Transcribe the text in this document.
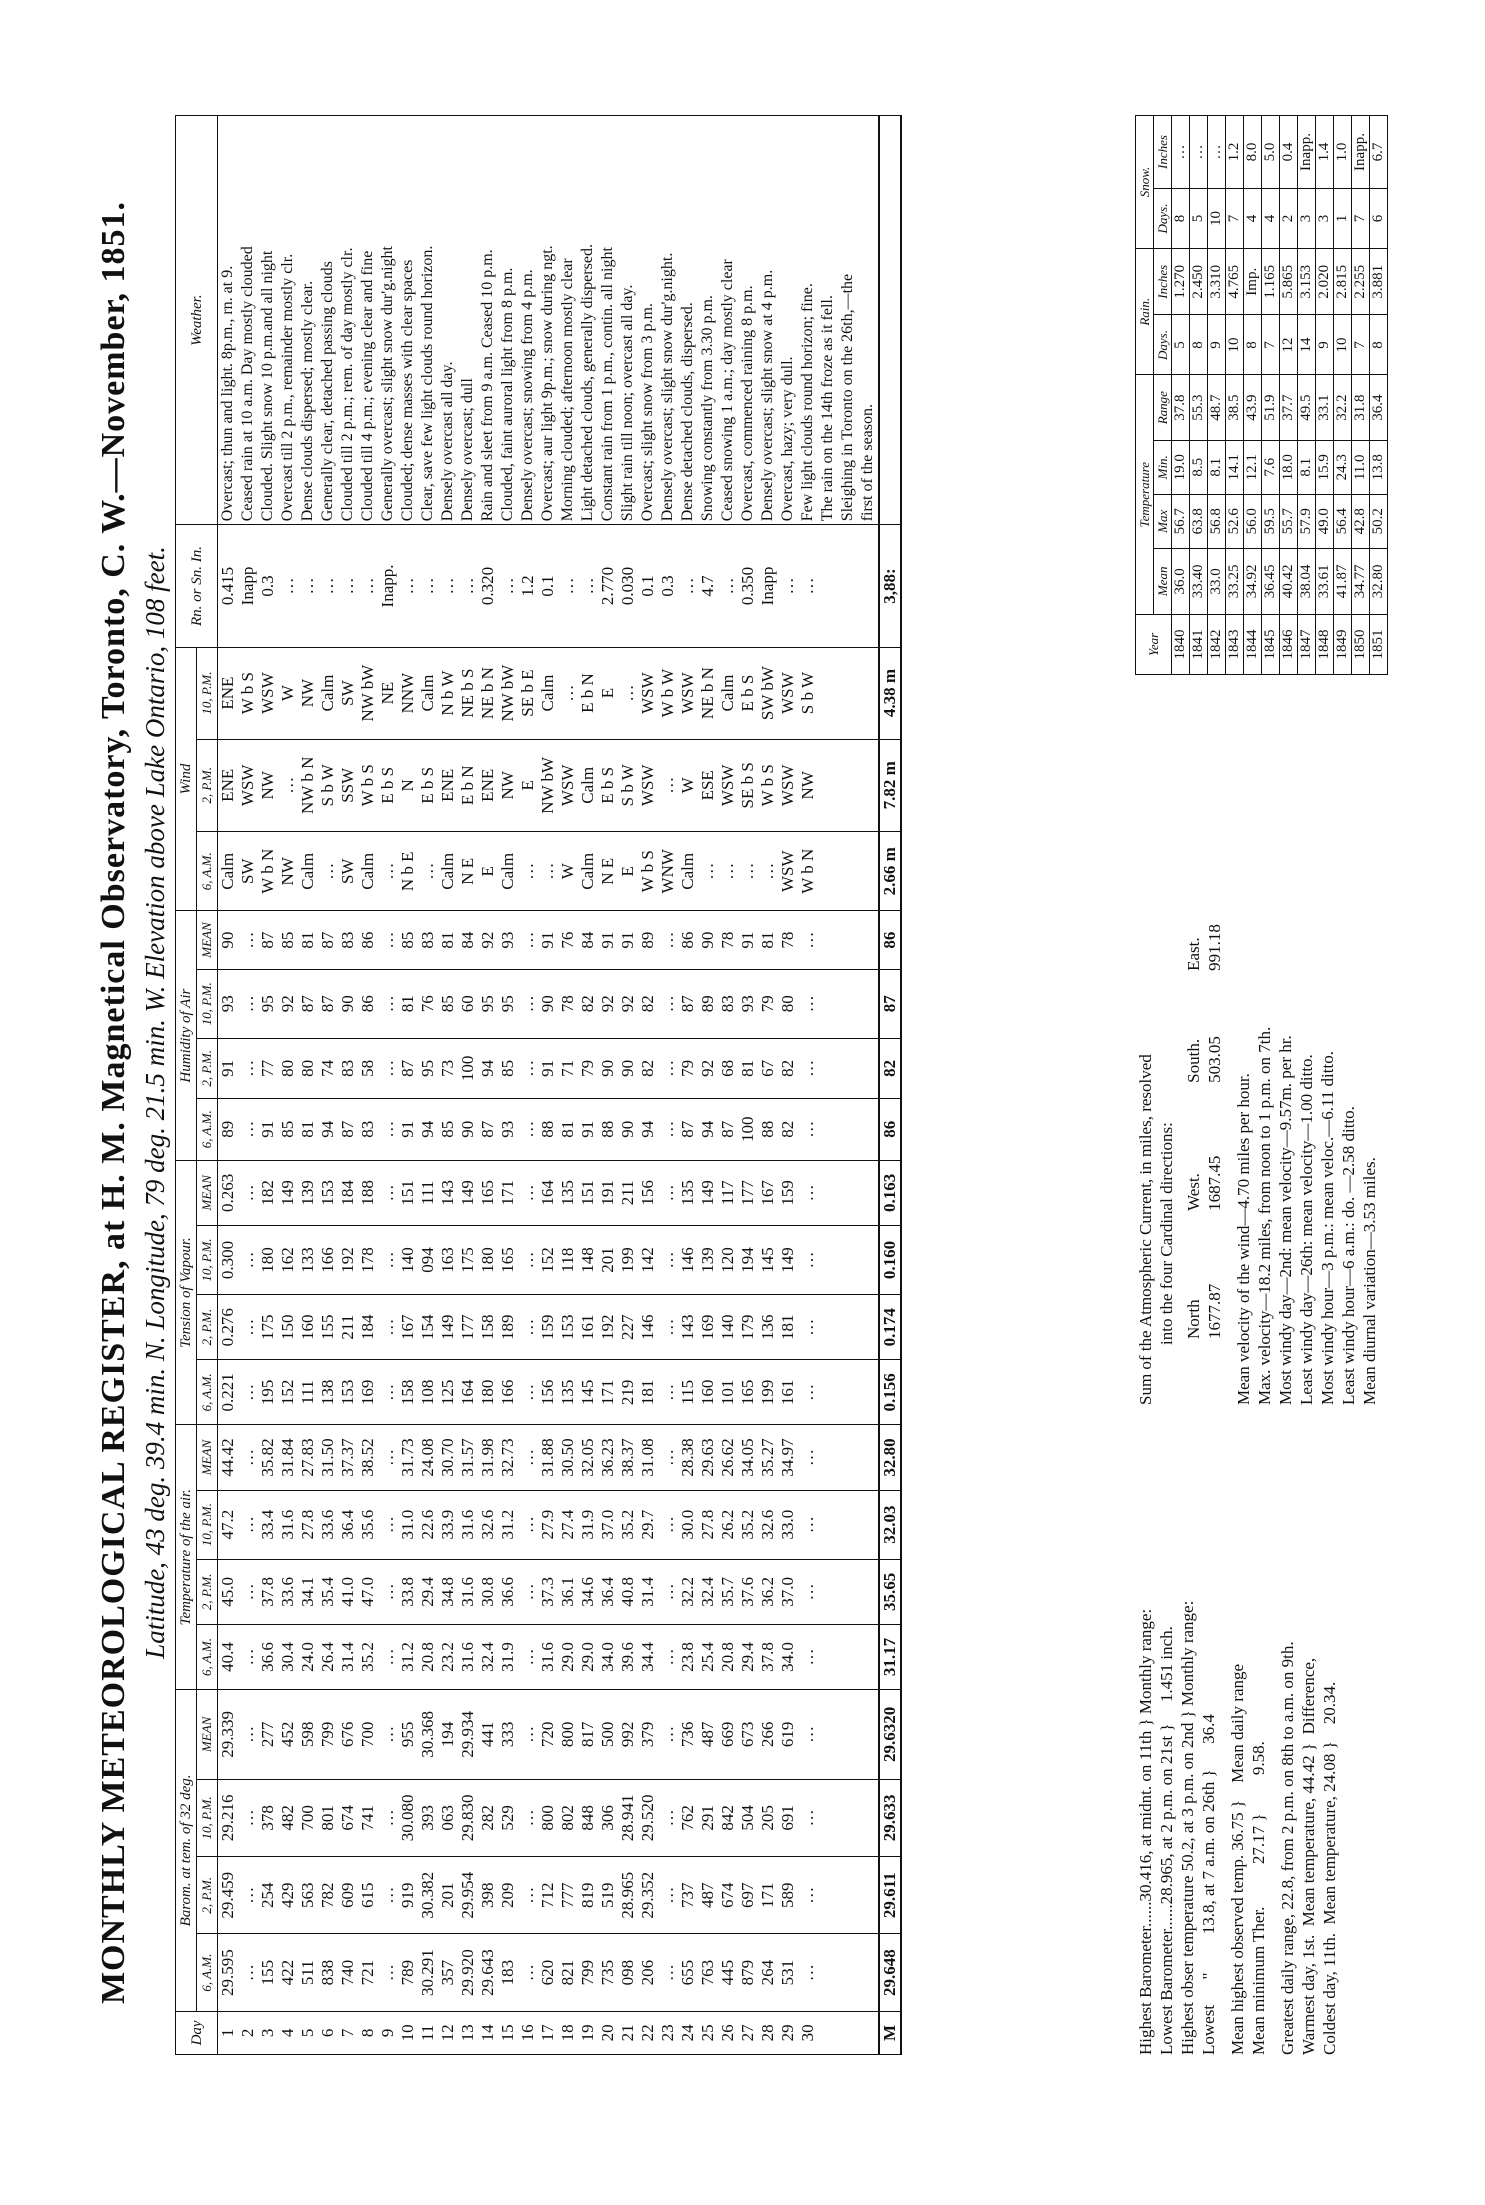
MONTHLY METEOROLOGICAL REGISTER, at H. M. Magnetical Observatory, Toronto, C. W.—November, 1851. Latitude, 43 deg. 39.4 min. N. Longitude, 79 deg. 21.5 min. W. Elevation above Lake Ontario, 108 feet.
Day	Barom. at tem. of 32 deg.				Temperature of the air.				Tension of Vapour.				Humidity of Air				Wind			Rn. or Sn. In.	Weather.
	6, A.M.	2, P.M.	10, P.M.	MEAN	6, A.M.	2, P.M.	10, P.M.	MEAN	6, A.M.	2, P.M.	10, P.M.	MEAN	6, A.M.	2, P.M.	10, P.M.	MEAN	6, A.M.	2, P.M.	10, P.M.		
1	29.595	29.459	29.216	29.339	40.4	45.0	47.2	44.42	0.221	0.276	0.300	0.263	89	91	93	90	Calm	ENE	ENE	0.415	Overcast; thun and light. 8p.m., rn. at 9.
2	…	…	…	…	…	…	…	…	…	…	…	…	…	…	…	…	SW	WSW	W b S	Inapp	Ceased rain at 10 a.m. Day mostly clouded
3	155	254	378	277	36.6	37.8	33.4	35.82	195	175	180	182	91	77	95	87	W b N	NW	WSW	0.3	Clouded. Slight snow 10 p.m.and all night
4	422	429	482	452	30.4	33.6	31.6	31.84	152	150	162	149	85	80	92	85	NW	…	W	…	Overcast till 2 p.m., remainder mostly clr.
5	511	563	700	598	24.0	34.1	27.8	27.83	111	160	133	139	81	80	87	81	Calm	NW b N	NW	…	Dense clouds dispersed; mostly clear.
6	838	782	801	799	26.4	35.4	33.6	31.50	138	155	166	153	94	74	87	87	…	S b W	Calm	…	Generally clear, detached passing clouds
7	740	609	674	676	31.4	41.0	36.4	37.37	153	211	192	184	87	83	90	83	SW	SSW	SW	…	Clouded till 2 p.m.; rem. of day mostly clr.
8	721	615	741	700	35.2	47.0	35.6	38.52	169	184	178	188	83	58	86	86	Calm	W b S	NW bW	…	Clouded till 4 p.m.; evening clear and fine
9	…	…	…	…	…	…	…	…	…	…	…	…	…	…	…	…	…	E b S	NE	Inapp.	Generally overcast; slight snow dur'g.night
10	789	919	30.080	955	31.2	33.8	31.0	31.73	158	167	140	151	91	87	81	85	N b E	N	NNW	…	Clouded; dense masses with clear spaces
11	30.291	30.382	393	30.368	20.8	29.4	22.6	24.08	108	154	094	111	94	95	76	83	…	E b S	Calm	…	Clear, save few light clouds round horizon.
12	357	201	063	194	23.2	34.8	33.9	30.70	125	149	163	143	85	73	85	81	Calm	ENE	N b W	…	Densely overcast all day.
13	29.920	29.954	29.830	29.934	31.6	31.6	31.6	31.57	164	177	175	149	90	100	60	84	N E	E b N	NE b S	…	Densely overcast; dull
14	29.643	398	282	441	32.4	30.8	32.6	31.98	180	158	180	165	87	94	95	92	E	ENE	NE b N	0.320	Rain and sleet from 9 a.m. Ceased 10 p.m.
15	183	209	529	333	31.9	36.6	31.2	32.73	166	189	165	171	93	85	95	93	Calm	NW	NW bW	…	Clouded, faint auroral light from 8 p.m.
16	…	…	…	…	…	…	…	…	…	…	…	…	…	…	…	…	…	E	SE b E	1.2	Densely overcast; snowing from 4 p.m.
17	620	712	800	720	31.6	37.3	27.9	31.88	156	159	152	164	88	91	90	91	…	NW bW	Calm	0.1	Overcast; aur light 9p.m.; snow during ngt.
18	821	777	802	800	29.0	36.1	27.4	30.50	135	153	118	135	81	71	78	76	W	WSW	…	…	Morning clouded; afternoon mostly clear
19	799	819	848	817	29.0	34.6	31.9	32.05	145	161	148	151	91	79	82	84	Calm	Calm	E b N	…	Light detached clouds, generally dispersed.
20	735	519	306	500	34.0	36.4	37.0	36.23	171	192	201	191	88	90	92	91	N E	E b S	E	2.770	Constant rain from 1 p.m., contin. all night
21	098	28.965	28.941	992	39.6	40.8	35.2	38.37	219	227	199	211	90	90	92	91	E	S b W	…	0.030	Slight rain till noon; overcast all day.
22	206	29.352	29.520	379	34.4	31.4	29.7	31.08	181	146	142	156	94	82	82	89	W b S	WSW	WSW	0.1	Overcast; slight snow from 3 p.m.
23	…	…	…	…	…	…	…	…	…	…	…	…	…	…	…	…	WNW	…	W b W	0.3	Densely overcast; slight snow dur'g.night.
24	655	737	762	736	23.8	32.2	30.0	28.38	115	143	146	135	87	79	87	86	Calm	W	WSW	…	Dense detached clouds, dispersed.
25	763	487	291	487	25.4	32.4	27.8	29.63	160	169	139	149	94	92	89	90	…	ESE	NE b N	4.7	Snowing constantly from 3.30 p.m.
26	445	674	842	669	20.8	35.7	26.2	26.62	101	140	120	117	87	68	83	78	…	WSW	Calm	…	Ceased snowing 1 a.m.; day mostly clear
27	879	697	504	673	29.4	37.6	35.2	34.05	165	179	194	177	100	81	93	91	…	SE b S	E b S	0.350	Overcast, commenced raining 8 p.m.
28	264	171	205	266	37.8	36.2	32.6	35.27	199	136	145	167	88	67	79	81	…	W b S	SW bW	Inapp	Densely overcast; slight snow at 4 p.m.
29	531	589	691	619	34.0	37.0	33.0	34.97	161	181	149	159	82	82	80	78	WSW	WSW	WSW	…	Overcast, hazy; very dull.
30	…	…	…	…	…	…	…	…	…	…	…	…	…	…	…	…	W b N	NW	S b W	…	Few light clouds round horizon; fine.
																					The rain on the 14th froze as it fell.
																					Sleighing in Toronto on the 26th,—the
																					first of the season.
M	29.648	29.611	29.633	29.6320	31.17	35.65	32.03	32.80	0.156	0.174	0.160	0.163	86	82	87	86	2.66 m	7.82 m	4.38 m	3,88:	
Highest Barometer......30.416, at midnt. on 11th } Monthly range: Lowest Barometer......28.965, at 2 p.m. on 21st }     1.451 inch. Highest obser temperature 50.2, at 3 p.m. on 2nd } Monthly range: Lowest      "         13.8, at 7 a.m. on 26th }      36.4 Mean highest observed temp. 36.75 }    Mean daily range Mean minimum Ther.          27.17 }         9.58. Greatest daily range, 22.8, from 2 p.m. on 8th to a.m. on 9th. Warmest day, 1st.  Mean temperature, 44.42 }  Difference, Coldest day, 11th.  Mean temperature, 24.08 }    20.34.
Sum of the Atmospheric Current, in miles, resolved into the four Cardinal directions: North	West.	South.	East.
1677.87	1687.45	503.05	991.18
Mean velocity of the wind—4.70 miles per hour. Max. velocity—18.2 miles, from noon to 1 p.m. on 7th. Most windy day—2nd: mean velocity—9.57m. per hr. Least windy day—26th: mean velocity—1.00 ditto. Most windy hour—3 p.m.: mean veloc.—6.11 ditto. Least windy hour—6 a.m.: do. —2.58 ditto. Mean diurnal variation—3.53 miles.
Year	Temperature				Rain.		Snow.	
	Mean	Max	Min.	Range	Days.	Inches	Days.	Inches
1840	36.0	56.7	19.0	37.8	5	1.270	8	…
1841	33.40	63.8	8.5	55.3	8	2.450	5	…
1842	33.0	56.8	8.1	48.7	9	3.310	10	…
1843	33.25	52.6	14.1	38.5	10	4.765	7	1.2
1844	34.92	56.0	12.1	43.9	8	Imp.	4	8.0
1845	36.45	59.5	7.6	51.9	7	1.165	4	5.0
1846	40.42	55.7	18.0	37.7	12	5.865	2	0.4
1847	38.04	57.9	8.1	49.5	14	3.153	3	Inapp.
1848	33.61	49.0	15.9	33.1	9	2.020	3	1.4
1849	41.87	56.4	24.3	32.2	10	2.815	1	1.0
1850	34.77	42.8	11.0	31.8	7	2.255	7	Inapp.
1851	32.80	50.2	13.8	36.4	8	3.881	6	6.7
